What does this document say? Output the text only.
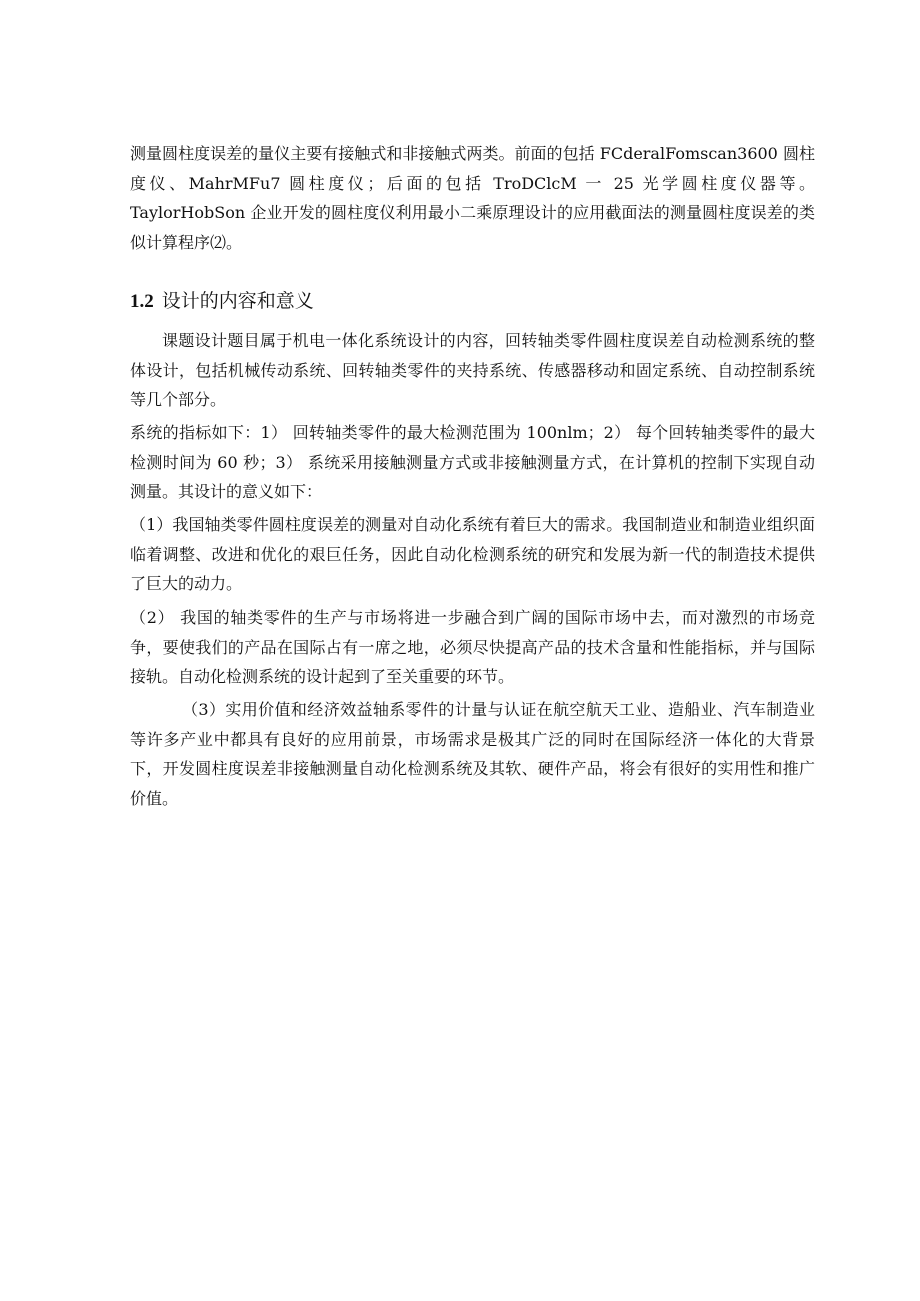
测量圆柱度误差的量仪主要有接触式和非接触式两类。前面的包括 FCderalFomscan3600 圆柱度仪、MahrMFu7 圆柱度仪；后面的包括 TroDClcM 一 25 光学圆柱度仪器等。TaylorHobSon 企业开发的圆柱度仪利用最小二乘原理设计的应用截面法的测量圆柱度误差的类似计算程序⑵。

1.2 设计的内容和意义

课题设计题目属于机电一体化系统设计的内容，回转轴类零件圆柱度误差自动检测系统的整体设计，包括机械传动系统、回转轴类零件的夹持系统、传感器移动和固定系统、自动控制系统等几个部分。

系统的指标如下：1） 回转轴类零件的最大检测范围为 100nlm；2） 每个回转轴类零件的最大检测时间为 60 秒；3） 系统采用接触测量方式或非接触测量方式，在计算机的控制下实现自动测量。其设计的意义如下：

（1）我国轴类零件圆柱度误差的测量对自动化系统有着巨大的需求。我国制造业和制造业组织面临着调整、改进和优化的艰巨任务，因此自动化检测系统的研究和发展为新一代的制造技术提供了巨大的动力。

（2） 我国的轴类零件的生产与市场将进一步融合到广阔的国际市场中去，而对激烈的市场竞争，要使我们的产品在国际占有一席之地，必须尽快提高产品的技术含量和性能指标，并与国际接轨。自动化检测系统的设计起到了至关重要的环节。

（3）实用价值和经济效益轴系零件的计量与认证在航空航天工业、造船业、汽车制造业等许多产业中都具有良好的应用前景，市场需求是极其广泛的同时在国际经济一体化的大背景下，开发圆柱度误差非接触测量自动化检测系统及其软、硬件产品，将会有很好的实用性和推广价值。
